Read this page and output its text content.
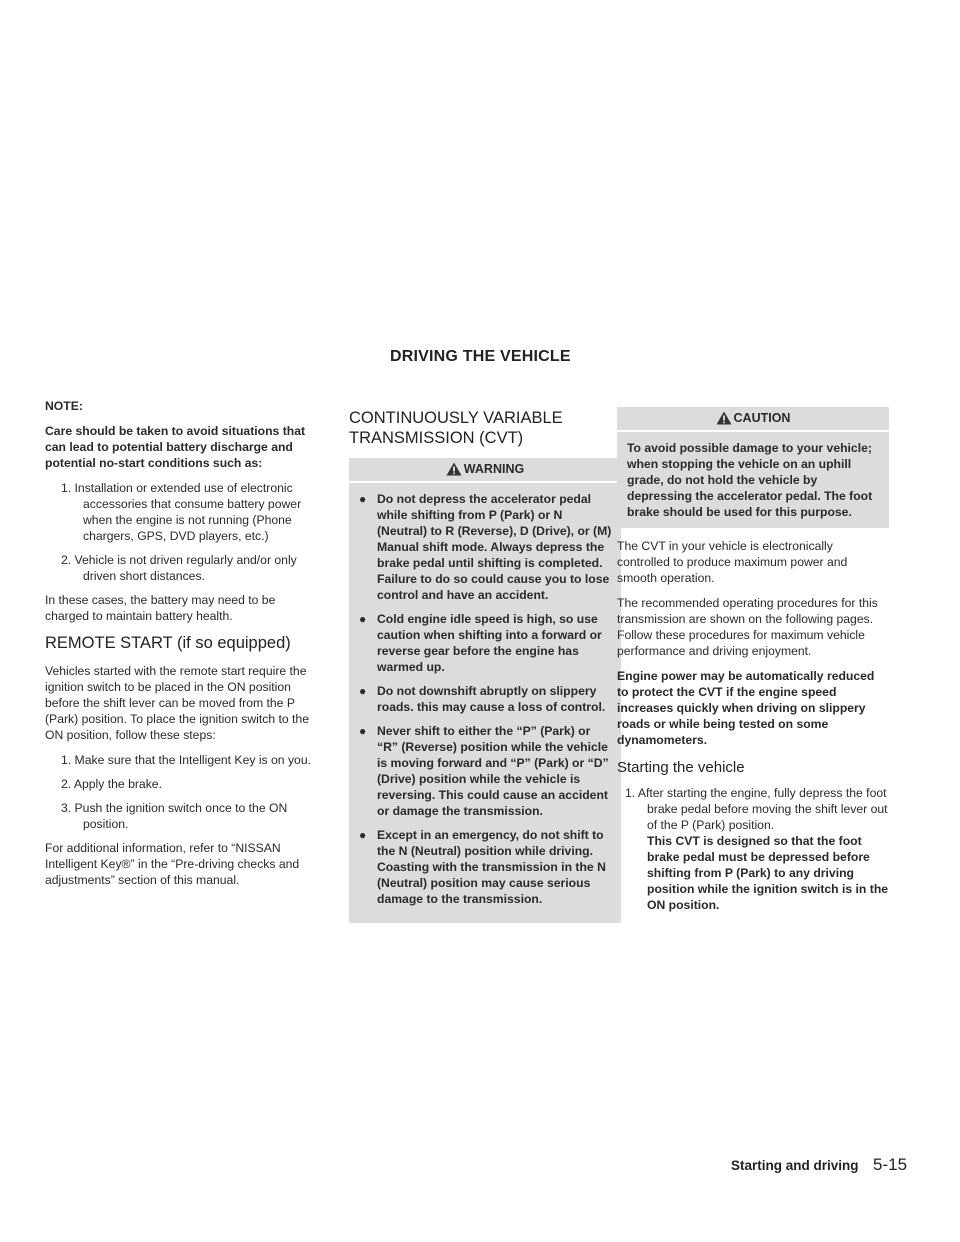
DRIVING THE VEHICLE

NOTE:

Care should be taken to avoid situations that can lead to potential battery discharge and potential no-start conditions such as:

1. Installation or extended use of electronic accessories that consume battery power when the engine is not running (Phone chargers, GPS, DVD players, etc.)

2. Vehicle is not driven regularly and/or only driven short distances.

In these cases, the battery may need to be charged to maintain battery health.

REMOTE START (if so equipped)

Vehicles started with the remote start require the ignition switch to be placed in the ON position before the shift lever can be moved from the P (Park) position. To place the ignition switch to the ON position, follow these steps:

1. Make sure that the Intelligent Key is on you.

2. Apply the brake.

3. Push the ignition switch once to the ON position.

For additional information, refer to “NISSAN Intelligent Key®” in the “Pre-driving checks and adjustments” section of this manual.

CONTINUOUSLY VARIABLE TRANSMISSION (CVT)
WARNING
● Do not depress the accelerator pedal while shifting from P (Park) or N (Neutral) to R (Reverse), D (Drive), or (M) Manual shift mode. Always depress the brake pedal until shifting is completed. Failure to do so could cause you to lose control and have an accident.
● Cold engine idle speed is high, so use caution when shifting into a forward or reverse gear before the engine has warmed up.
● Do not downshift abruptly on slippery roads. this may cause a loss of control.
● Never shift to either the “P” (Park) or “R” (Reverse) position while the vehicle is moving forward and “P” (Park) or “D” (Drive) position while the vehicle is reversing. This could cause an accident or damage the transmission.
● Except in an emergency, do not shift to the N (Neutral) position while driving. Coasting with the transmission in the N (Neutral) position may cause serious damage to the transmission.
CAUTION
To avoid possible damage to your vehicle; when stopping the vehicle on an uphill grade, do not hold the vehicle by depressing the accelerator pedal. The foot brake should be used for this purpose.

The CVT in your vehicle is electronically controlled to produce maximum power and smooth operation.

The recommended operating procedures for this transmission are shown on the following pages. Follow these procedures for maximum vehicle performance and driving enjoyment.

Engine power may be automatically reduced to protect the CVT if the engine speed increases quickly when driving on slippery roads or while being tested on some dynamometers.

Starting the vehicle
1. After starting the engine, fully depress the foot brake pedal before moving the shift lever out of the P (Park) position.
This CVT is designed so that the foot brake pedal must be depressed before shifting from P (Park) to any driving position while the ignition switch is in the ON position.
Starting and driving 5-15
